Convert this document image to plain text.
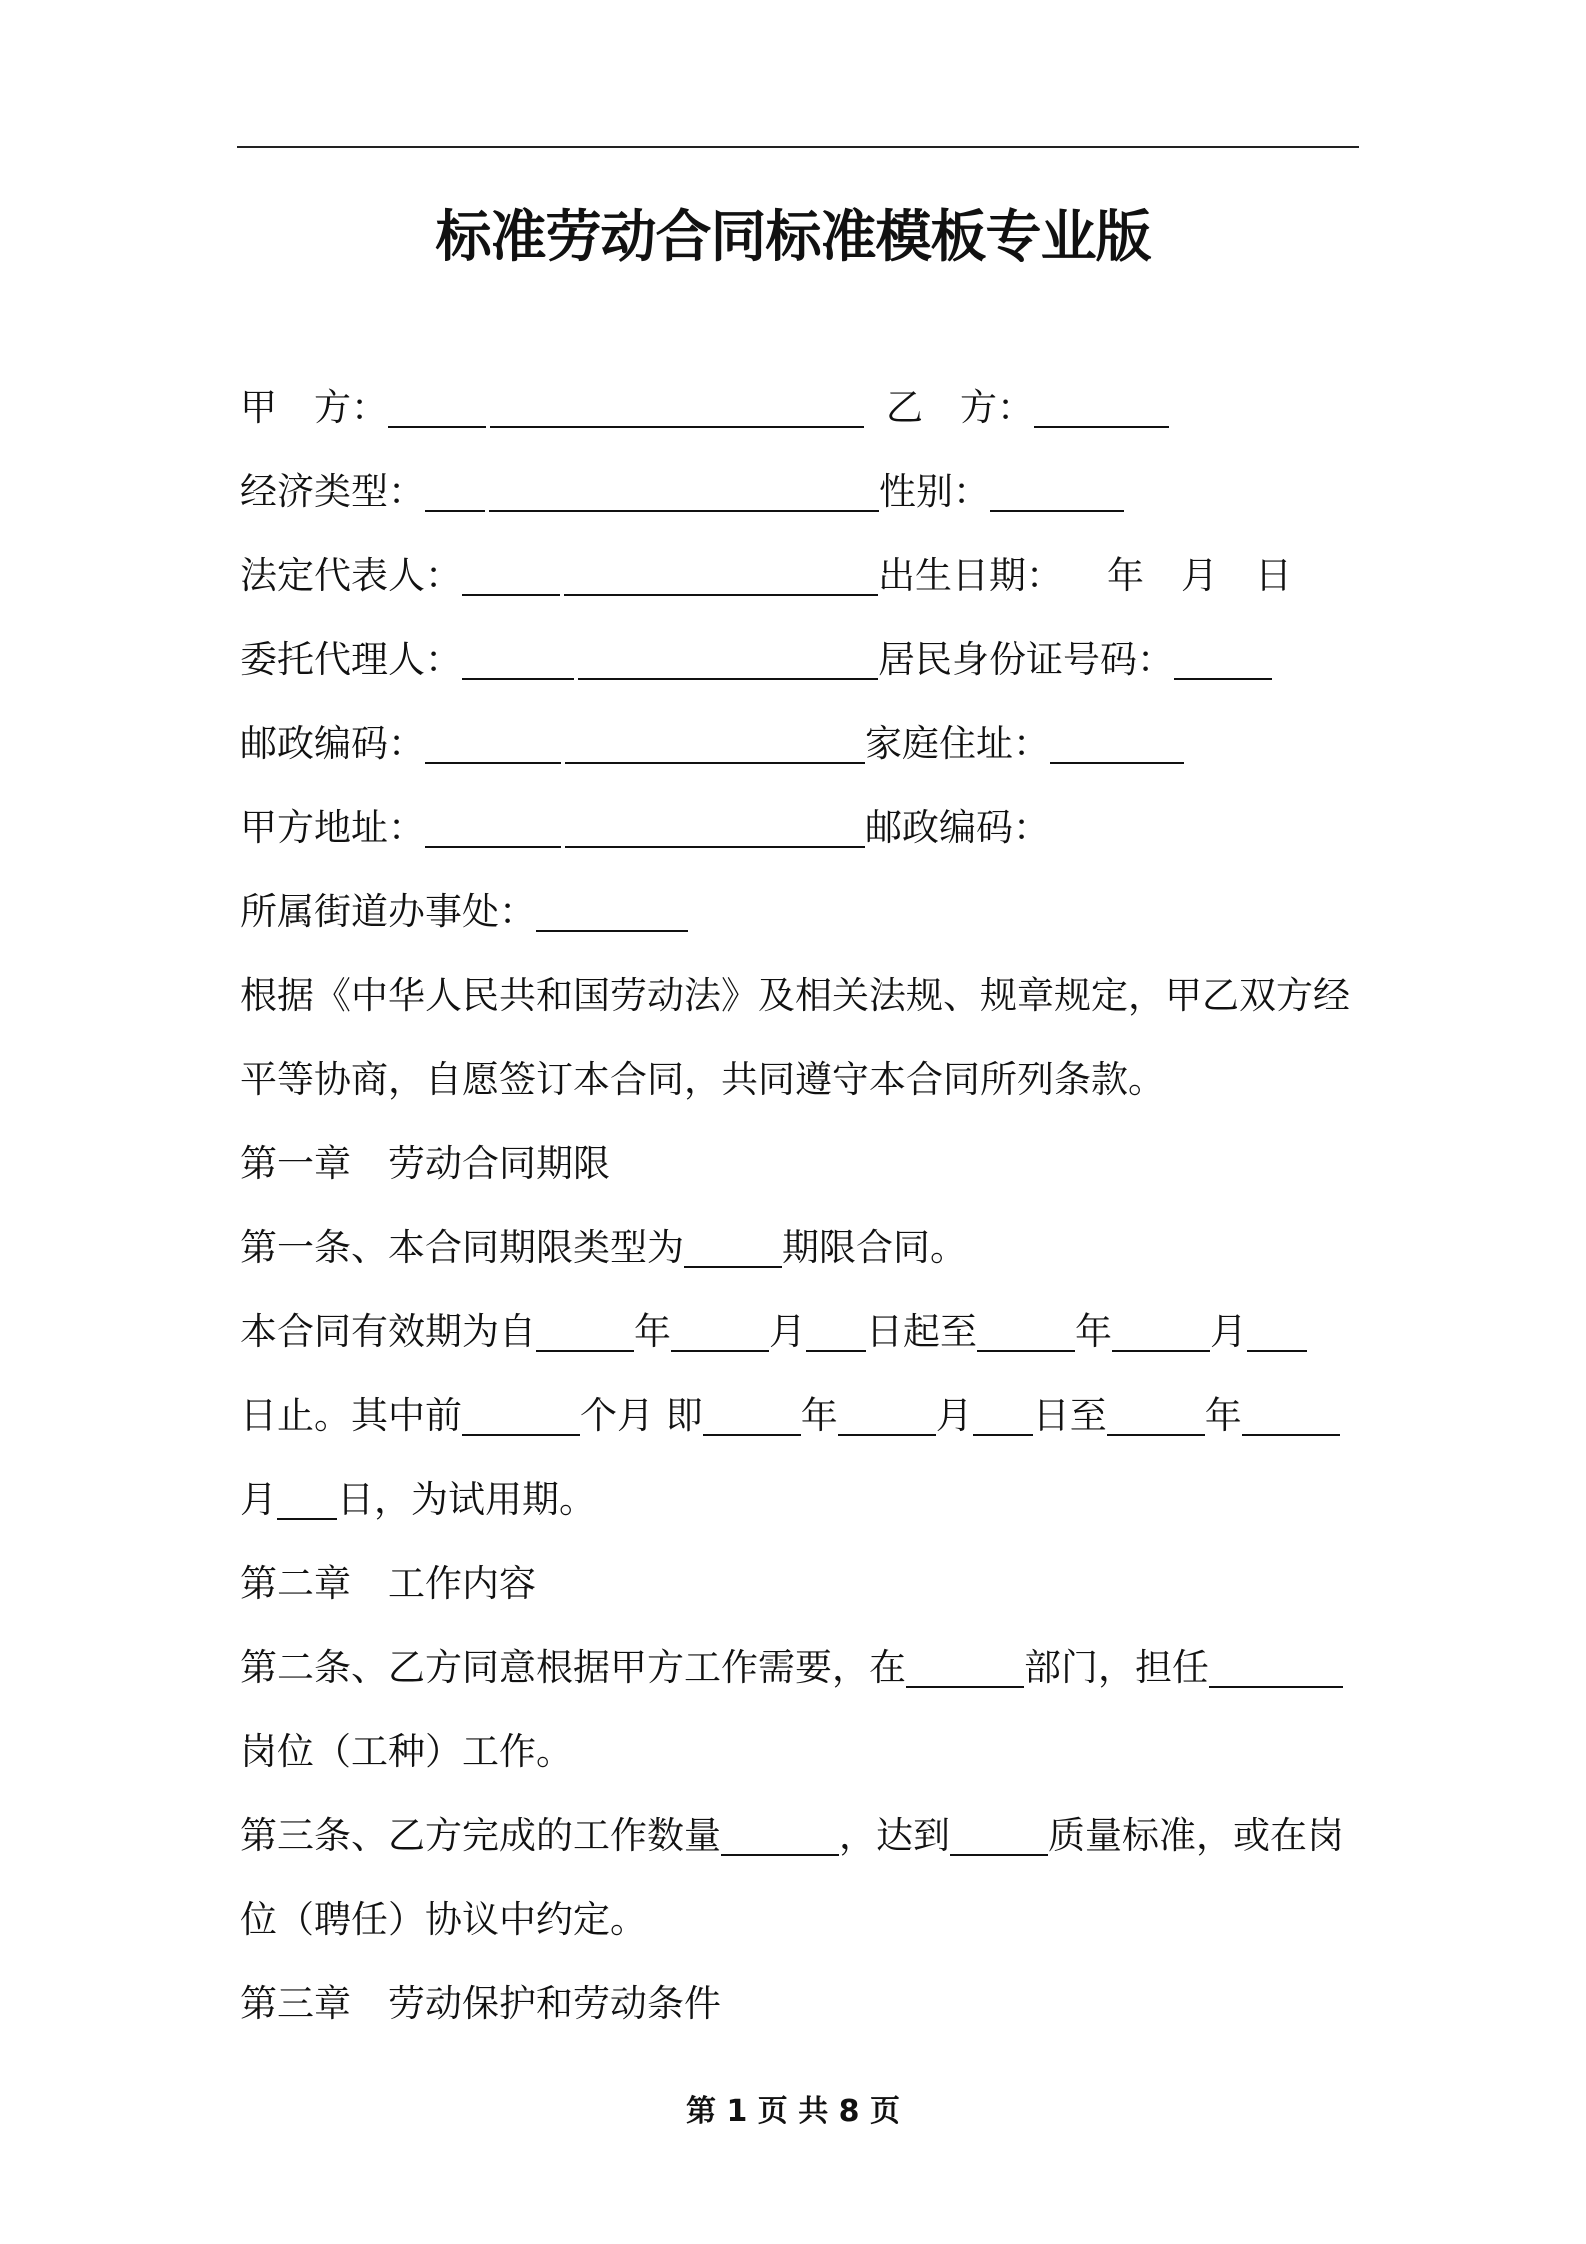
标准劳动合同标准模板专业版
甲　方：	乙　方：
经济类型：	性别：
法定代表人：	出生日期： 年　月　日
委托代理人：	居民身份证号码：
邮政编码：	家庭住址：
甲方地址：	邮政编码：
所属街道办事处：
根据《中华人民共和国劳动法》及相关法规、规章规定，甲乙双方经
平等协商，自愿签订本合同，共同遵守本合同所列条款。
第一章　劳动合同期限
第一条、本合同期限类型为	期限合同。
本合同有效期为自	年	月 日起至	年	月
日止。其中前	个月 即	年	月 日至	年
月 日，为试用期。
第二章　工作内容
第二条、乙方同意根据甲方工作需要，在	部门，担任
岗位（工种）工作。
第三条、乙方完成的工作数量	，达到	质量标准，或在岗
位（聘任）协议中约定。
第三章　劳动保护和劳动条件
第 1 页 共 8 页
